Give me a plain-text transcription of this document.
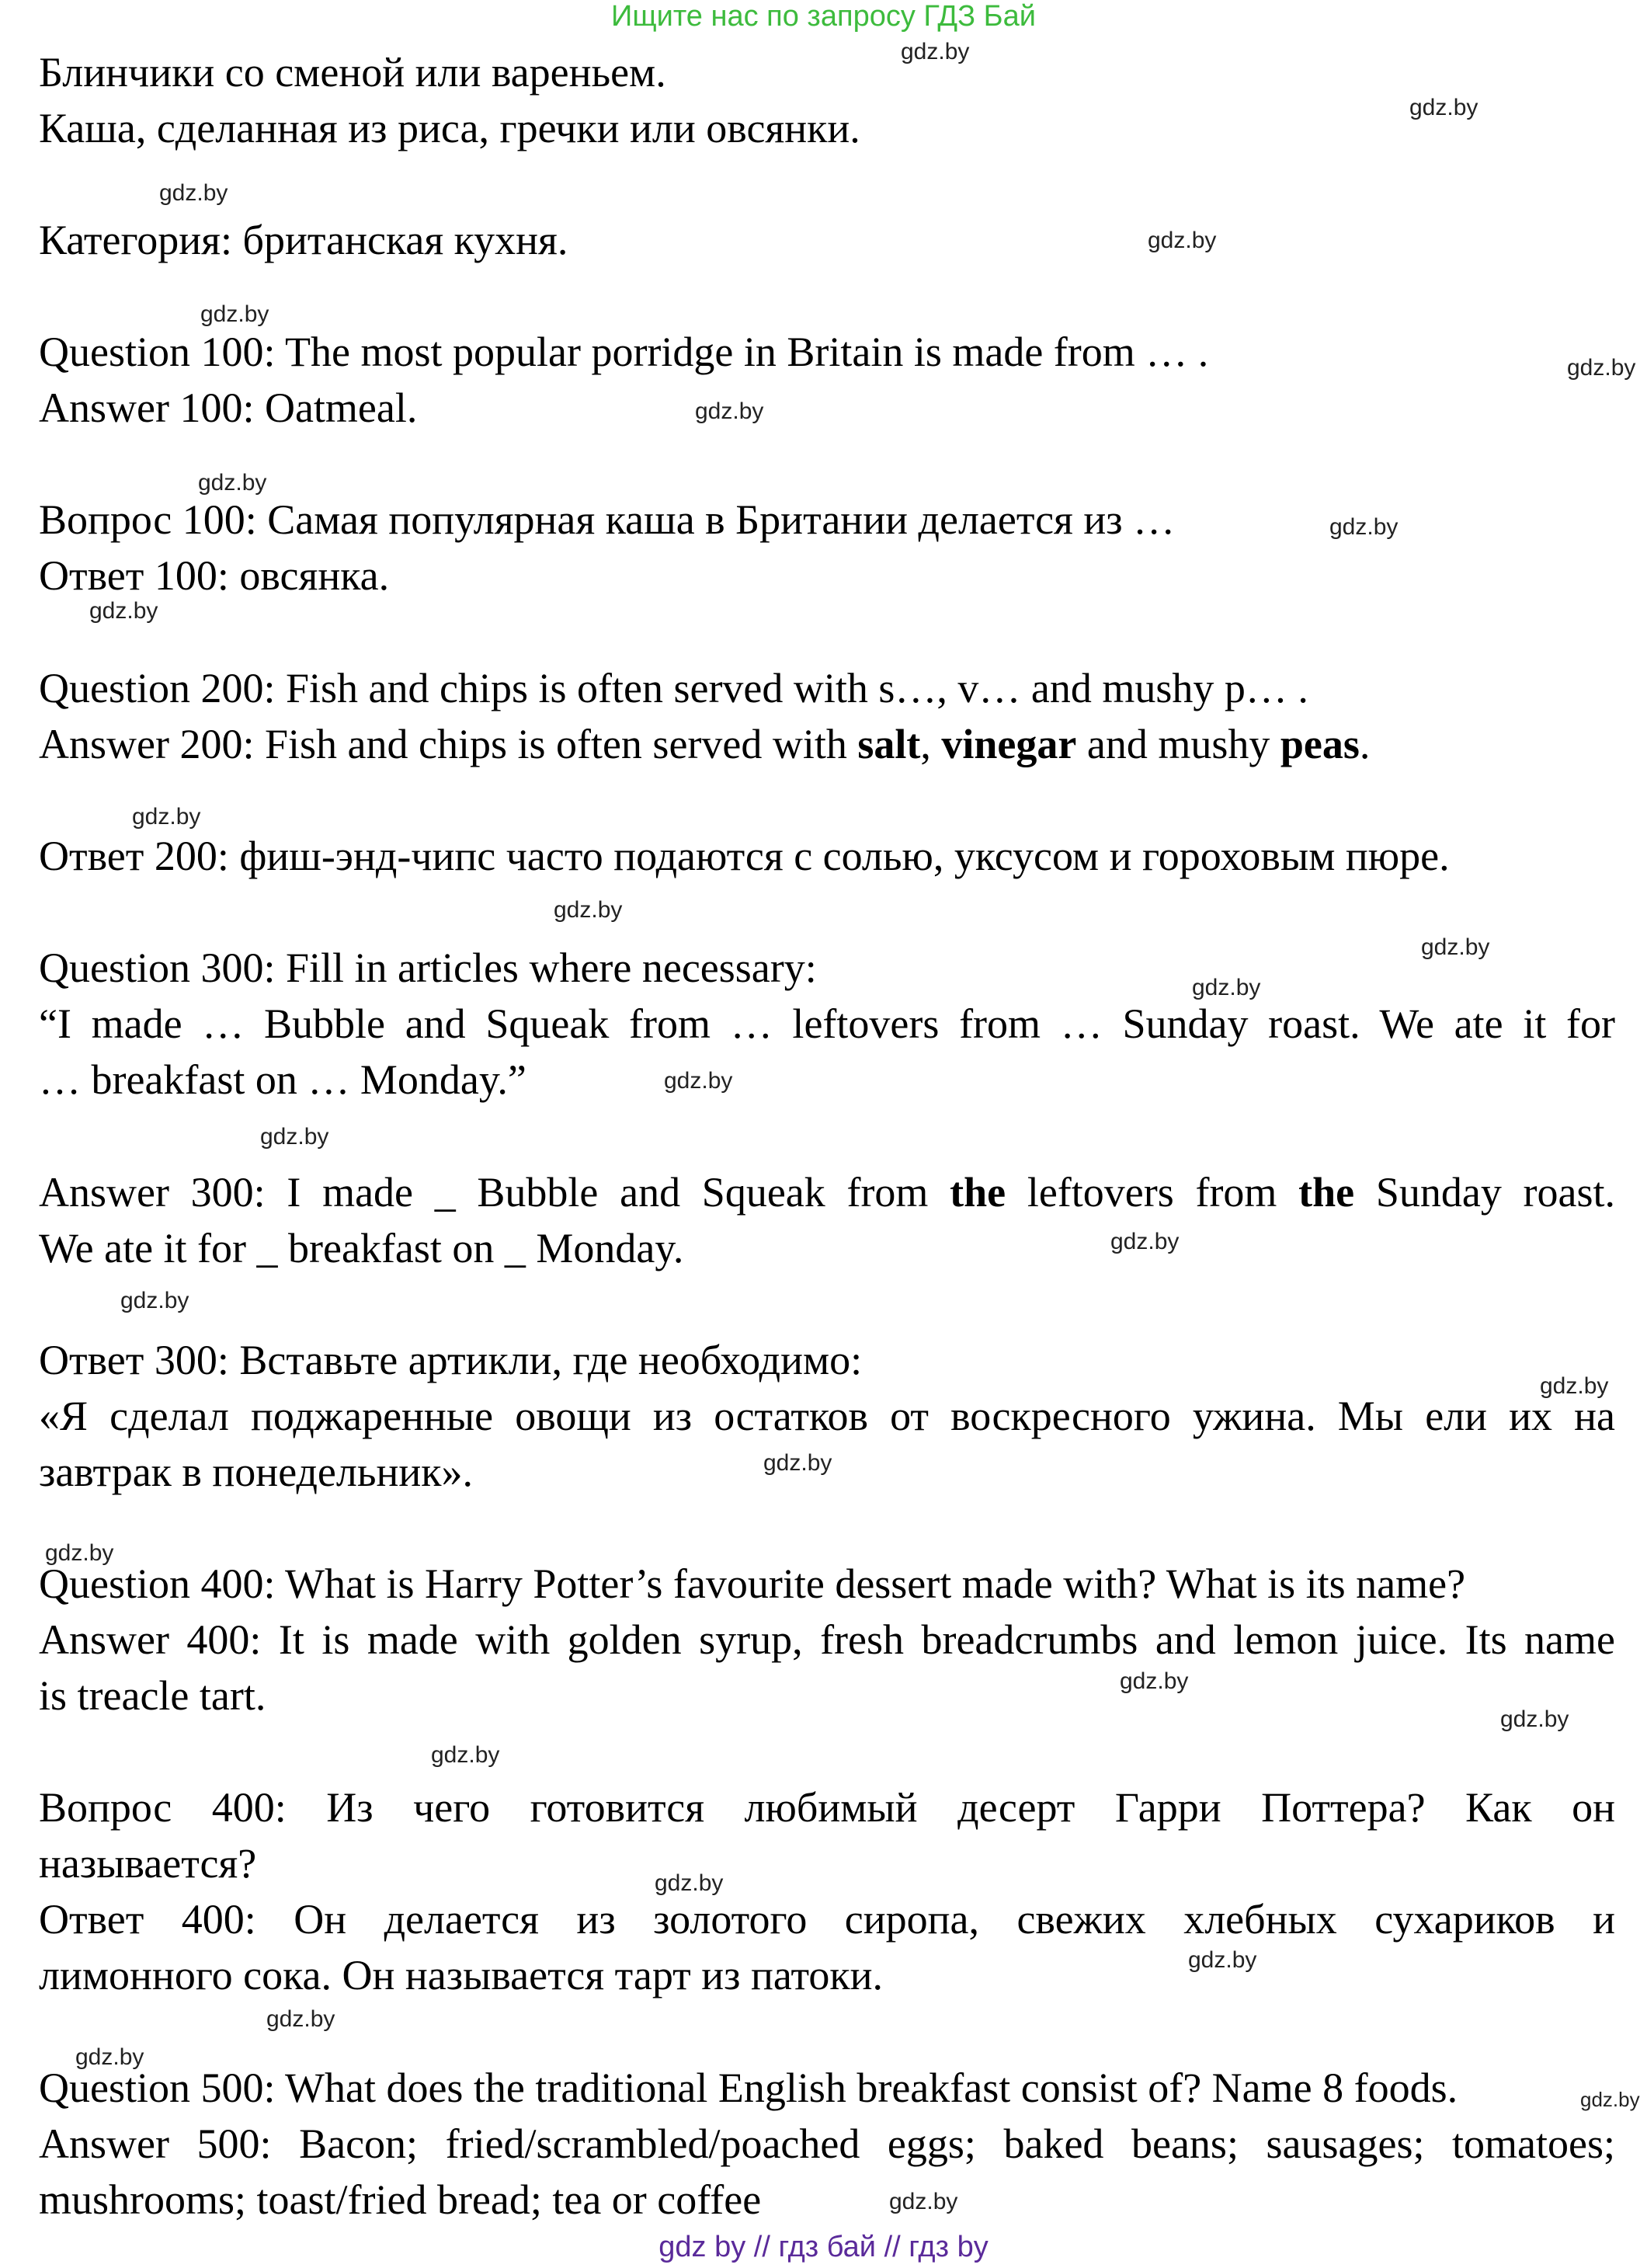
Ищите нас по запросу ГДЗ Бай
Блинчики со сменой или вареньем.
Каша, сделанная из риса, гречки или овсянки.
Категория: британская кухня.
Question 100: The most popular porridge in Britain is made from … .
Answer 100: Oatmeal.
Вопрос 100: Самая популярная каша в Британии делается из …
Ответ 100: овсянка.
Question 200: Fish and chips is often served with s…, v… and mushy p… .
Answer 200: Fish and chips is often served with salt, vinegar and mushy peas.
Ответ 200: фиш-энд-чипс часто подаются с солью, уксусом и гороховым пюре.
Question 300: Fill in articles where necessary:
“I made … Bubble and Squeak from … leftovers from … Sunday roast. We ate it for
… breakfast on … Monday.”
Answer 300: I made _ Bubble and Squeak from the leftovers from the Sunday roast.
We ate it for _ breakfast on _ Monday.
Ответ 300: Вставьте артикли, где необходимо:
«Я сделал поджаренные овощи из остатков от воскресного ужина. Мы ели их на
завтрак в понедельник».
Question 400: What is Harry Potter’s favourite dessert made with? What is its name?
Answer 400: It is made with golden syrup, fresh breadcrumbs and lemon juice. Its name
is treacle tart.
Вопрос 400: Из чего готовится любимый десерт Гарри Поттера? Как он
называется?
Ответ 400: Он делается из золотого сиропа, свежих хлебных сухариков и
лимонного сока. Он называется тарт из патоки.
Question 500: What does the traditional English breakfast consist of? Name 8 foods.
Answer 500: Bacon; fried/scrambled/poached eggs; baked beans; sausages; tomatoes;
mushrooms; toast/fried bread; tea or coffee
gdz.by
gdz.by
gdz.by
gdz.by
gdz.by
gdz.by
gdz.by
gdz.by
gdz.by
gdz.by
gdz.by
gdz.by
gdz.by
gdz.by
gdz.by
gdz.by
gdz.by
gdz.by
gdz.by
gdz.by
gdz.by
gdz.by
gdz.by
gdz.by
gdz.by
gdz.by
gdz.by
gdz.by
gdz.by
gdz.by
gdz by // гдз бай // гдз by
